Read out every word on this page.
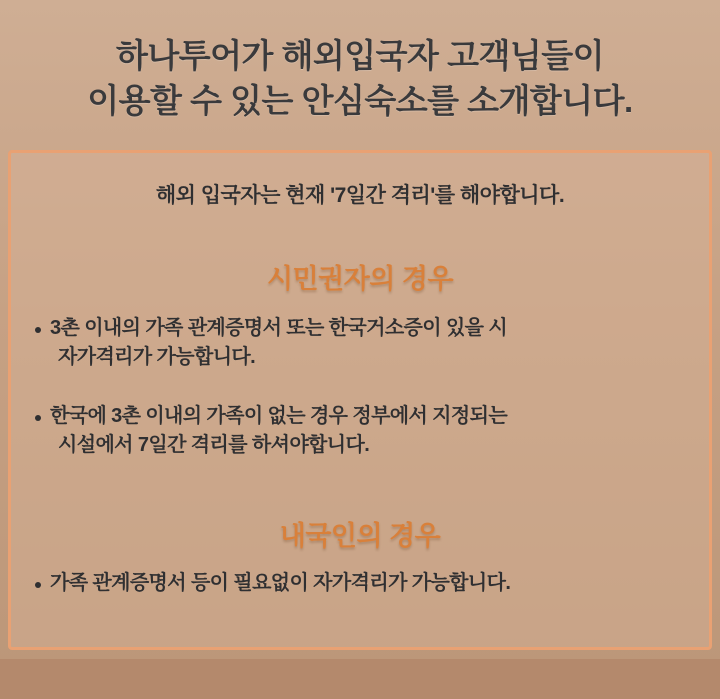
하나투어가 해외입국자 고객님들이
이용할 수 있는 안심숙소를 소개합니다.
해외 입국자는 현재 '7일간 격리'를 해야합니다.
시민권자의 경우
3촌 이내의 가족 관계증명서 또는 한국거소증이 있을 시
자가격리가 가능합니다.
한국에 3촌 이내의 가족이 없는 경우 정부에서 지정되는
시설에서 7일간 격리를 하셔야합니다.
내국인의 경우
가족 관계증명서 등이 필요없이 자가격리가 가능합니다.
